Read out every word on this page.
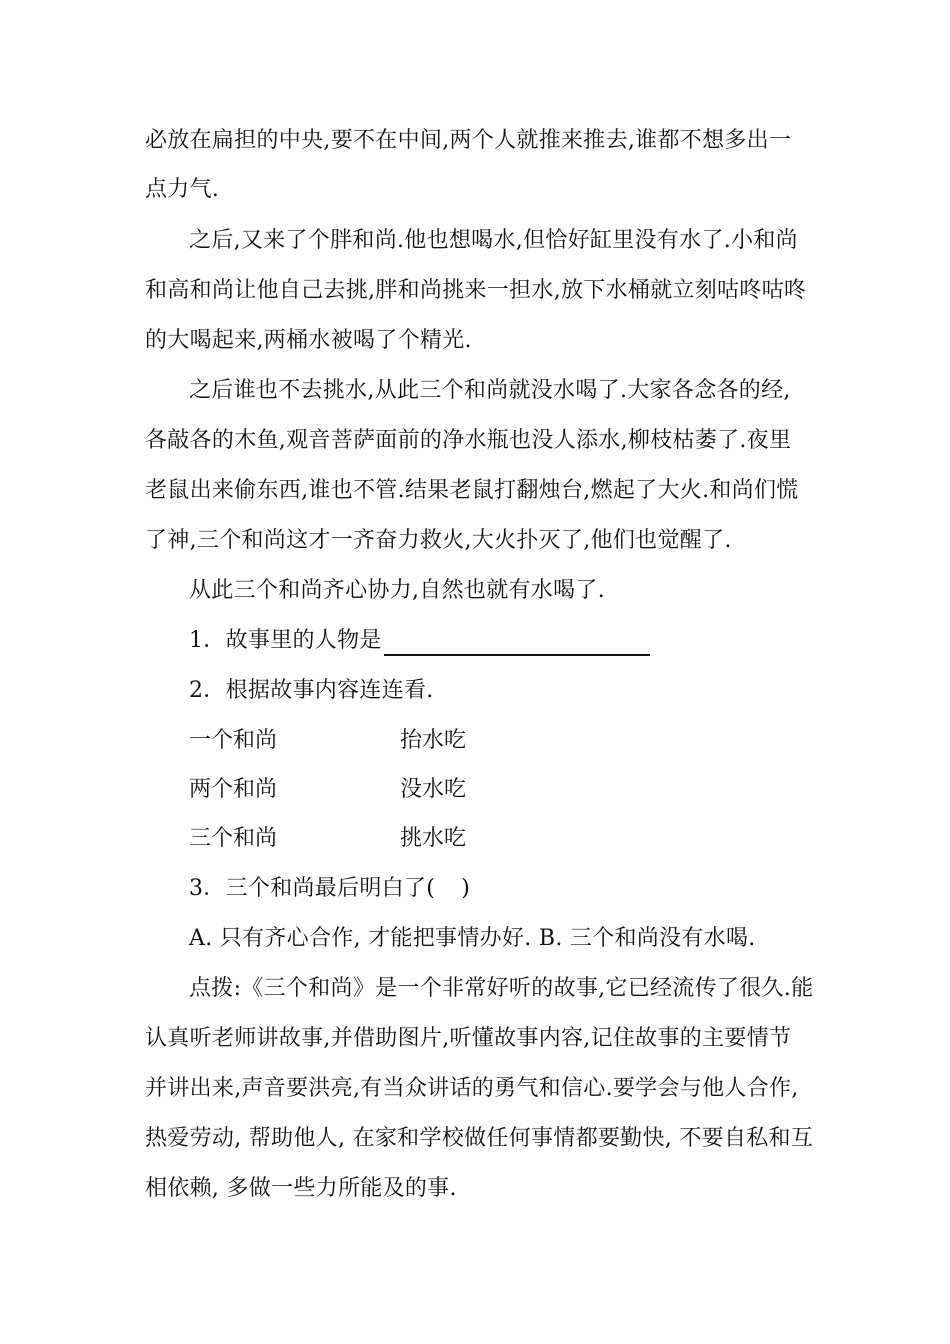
必放在扁担的中央,要不在中间,两个人就推来推去,谁都不想多出一
点力气.
之后,又来了个胖和尚.他也想喝水,但恰好缸里没有水了.小和尚
和高和尚让他自己去挑,胖和尚挑来一担水,放下水桶就立刻咕咚咕咚
的大喝起来,两桶水被喝了个精光.
之后谁也不去挑水,从此三个和尚就没水喝了.大家各念各的经,
各敲各的木鱼,观音菩萨面前的净水瓶也没人添水,柳枝枯萎了.夜里
老鼠出来偷东西,谁也不管.结果老鼠打翻烛台,燃起了大火.和尚们慌
了神,三个和尚这才一齐奋力救火,大火扑灭了,他们也觉醒了.
从此三个和尚齐心协力,自然也就有水喝了.
1．故事里的人物是
2．根据故事内容连连看.
一个和尚	抬水吃
两个和尚	没水吃
三个和尚	挑水吃
3．三个和尚最后明白了( )
A. 只有齐心合作, 才能把事情办好. B. 三个和尚没有水喝.
点拨:《三个和尚》是一个非常好听的故事,它已经流传了很久.能
认真听老师讲故事,并借助图片,听懂故事内容,记住故事的主要情节
并讲出来,声音要洪亮,有当众讲话的勇气和信心.要学会与他人合作,
热爱劳动, 帮助他人, 在家和学校做任何事情都要勤快, 不要自私和互
相依赖, 多做一些力所能及的事.
